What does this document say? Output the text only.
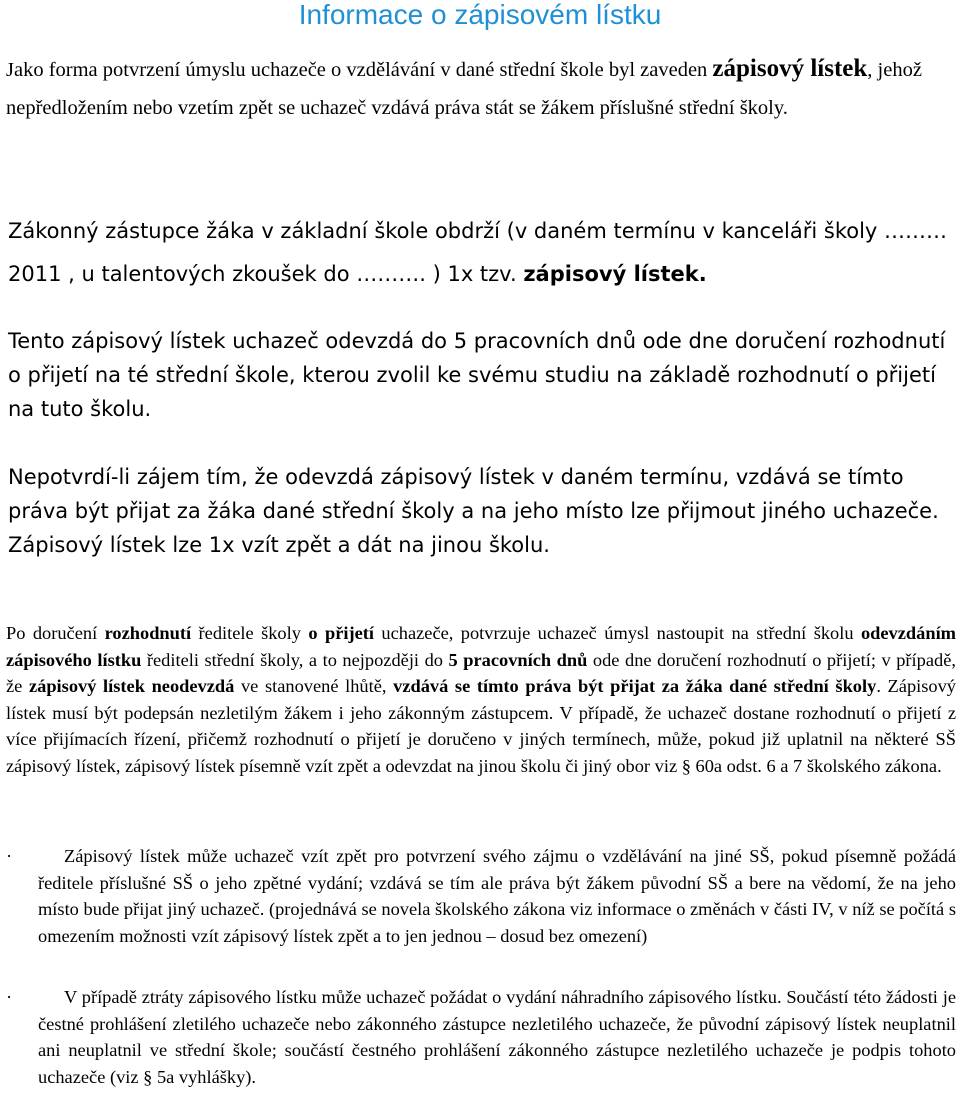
Informace o zápisovém lístku

Jako forma potvrzení úmyslu uchazeče o vzdělávání v dané střední škole byl zaveden zápisový lístek, jehož nepředložením nebo vzetím zpět se uchazeč vzdává práva stát se žákem příslušné střední školy.

Zákonný zástupce žáka v základní škole obdrží (v daném termínu v kanceláři školy ……… 2011 , u talentových zkoušek do ………. ) 1x tzv. zápisový lístek.

Tento zápisový lístek uchazeč odevzdá do 5 pracovních dnů ode dne doručení rozhodnutí o přijetí na té střední škole, kterou zvolil ke svému studiu na základě rozhodnutí o přijetí na tuto školu.

Nepotvrdí-li zájem tím, že odevzdá zápisový lístek v daném termínu, vzdává se tímto práva být přijat za žáka dané střední školy a na jeho místo lze přijmout jiného uchazeče. Zápisový lístek lze 1x vzít zpět a dát na jinou školu.

Po doručení rozhodnutí ředitele školy o přijetí uchazeče, potvrzuje uchazeč úmysl nastoupit na střední školu odevzdáním zápisového lístku řediteli střední školy, a to nejpozději do 5 pracovních dnů ode dne doručení rozhodnutí o přijetí; v případě, že zápisový lístek neodevzdá ve stanovené lhůtě, vzdává se tímto práva být přijat za žáka dané střední školy. Zápisový lístek musí být podepsán nezletilým žákem i jeho zákonným zástupcem. V případě, že uchazeč dostane rozhodnutí o přijetí z více přijímacích řízení, přičemž rozhodnutí o přijetí je doručeno v jiných termínech, může, pokud již uplatnil na některé SŠ zápisový lístek, zápisový lístek písemně vzít zpět a odevzdat na jinou školu či jiný obor viz § 60a odst. 6 a 7 školského zákona.

·	Zápisový lístek může uchazeč vzít zpět pro potvrzení svého zájmu o vzdělávání na jiné SŠ, pokud písemně požádá ředitele příslušné SŠ o jeho zpětné vydání; vzdává se tím ale práva být žákem původní SŠ a bere na vědomí, že na jeho místo bude přijat jiný uchazeč. (projednává se novela školského zákona viz informace o změnách v části IV, v níž se počítá s omezením možnosti vzít zápisový lístek zpět a to jen jednou – dosud bez omezení)
·	V případě ztráty zápisového lístku může uchazeč požádat o vydání náhradního zápisového lístku. Součástí této žádosti je čestné prohlášení zletilého uchazeče nebo zákonného zástupce nezletilého uchazeče, že původní zápisový lístek neuplatnil ani neuplatnil ve střední škole; součástí čestného prohlášení zákonného zástupce nezletilého uchazeče je podpis tohoto uchazeče (viz § 5a vyhlášky).
